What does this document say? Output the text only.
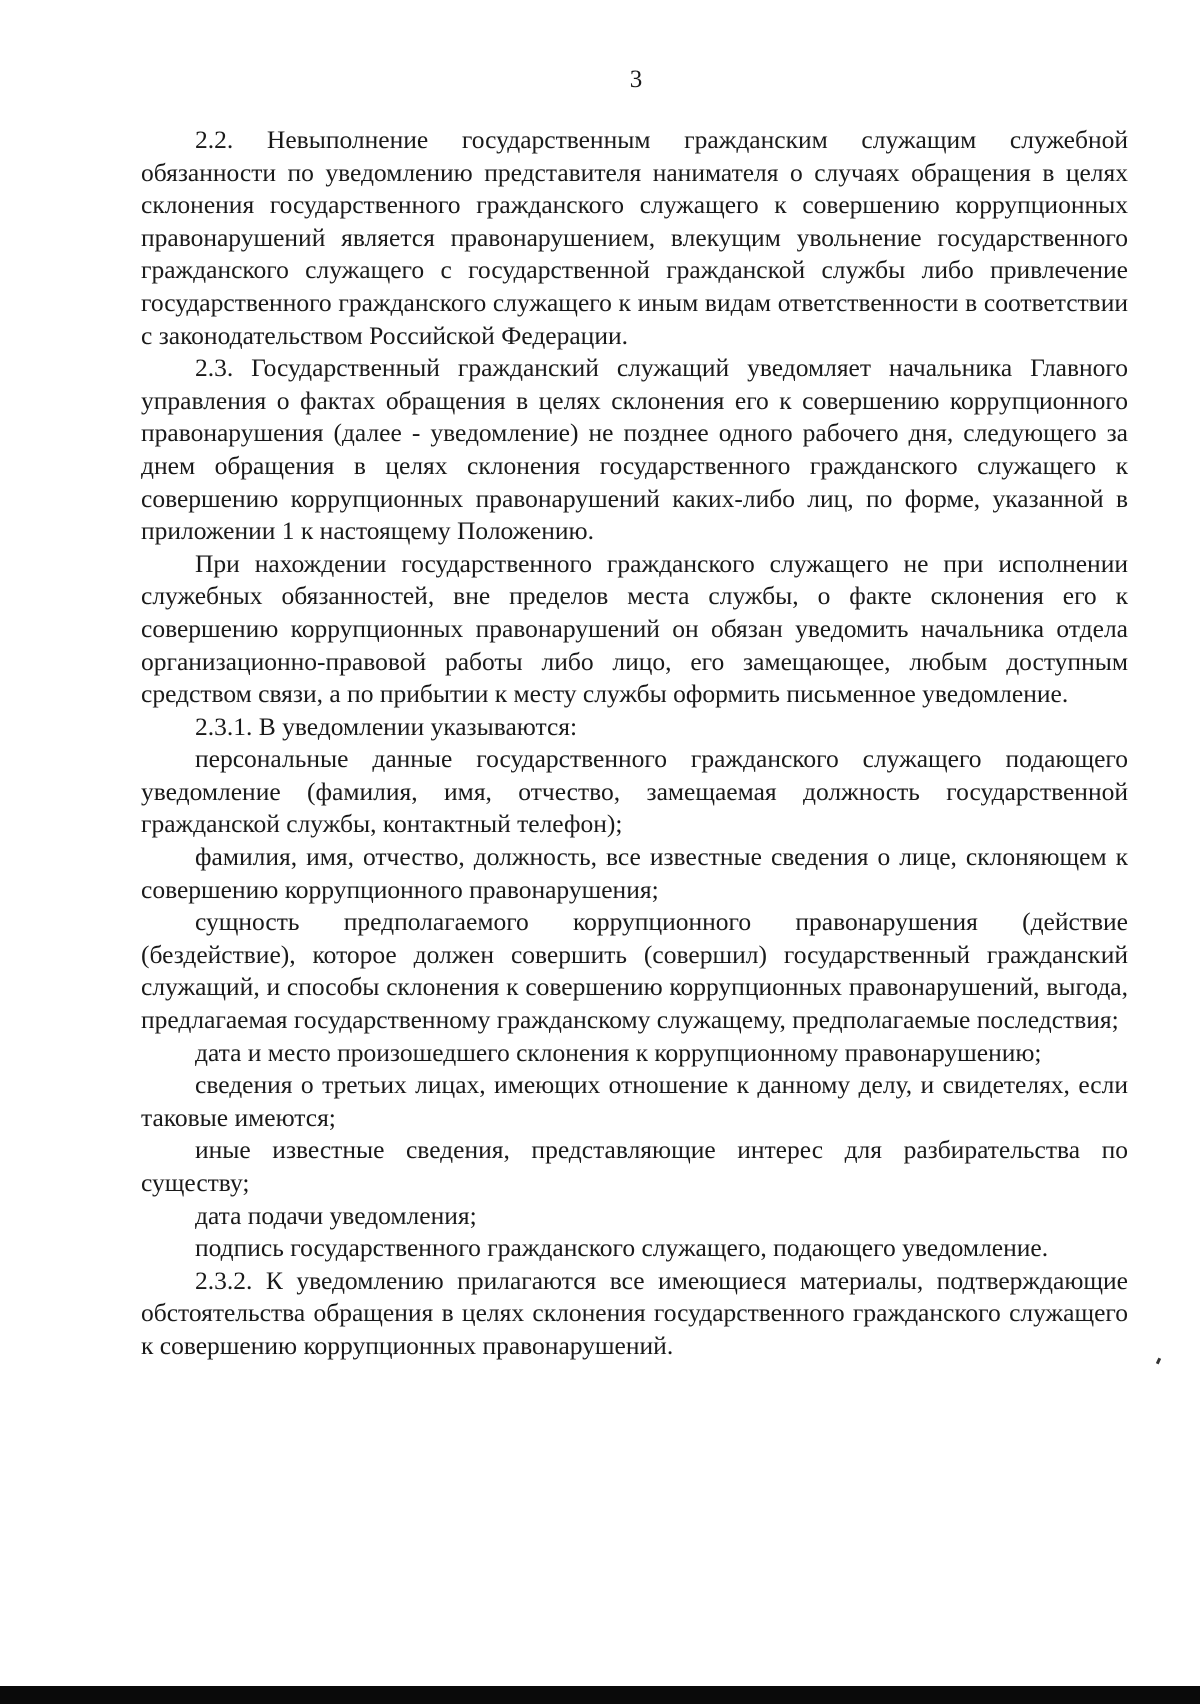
3

2.2. Невыполнение государственным гражданским служащим служебной обязанности по уведомлению представителя нанимателя о случаях обращения в целях склонения государственного гражданского служащего к совершению коррупционных правонарушений является правонарушением, влекущим увольнение государственного гражданского служащего с государственной гражданской службы либо привлечение государственного гражданского служащего к иным видам ответственности в соответствии с законодательством Российской Федерации.

2.3. Государственный гражданский служащий уведомляет начальника Главного управления о фактах обращения в целях склонения его к совершению коррупционного правонарушения (далее - уведомление) не позднее одного рабочего дня, следующего за днем обращения в целях склонения государственного гражданского служащего к совершению коррупционных правонарушений каких-либо лиц, по форме, указанной в приложении 1 к настоящему Положению.

При нахождении государственного гражданского служащего не при исполнении служебных обязанностей, вне пределов места службы, о факте склонения его к совершению коррупционных правонарушений он обязан уведомить начальника отдела организационно-правовой работы либо лицо, его замещающее, любым доступным средством связи, а по прибытии к месту службы оформить письменное уведомление.

2.3.1. В уведомлении указываются:

персональные данные государственного гражданского служащего подающего уведомление (фамилия, имя, отчество, замещаемая должность государственной гражданской службы, контактный телефон);

фамилия, имя, отчество, должность, все известные сведения о лице, склоняющем к совершению коррупционного правонарушения;

сущность предполагаемого коррупционного правонарушения (действие (бездействие), которое должен совершить (совершил) государственный гражданский служащий, и способы склонения к совершению коррупционных правонарушений, выгода, предлагаемая государственному гражданскому служащему, предполагаемые последствия;

дата и место произошедшего склонения к коррупционному правонарушению;

сведения о третьих лицах, имеющих отношение к данному делу, и свидетелях, если таковые имеются;

иные известные сведения, представляющие интерес для разбирательства по существу;

дата подачи уведомления;

подпись государственного гражданского служащего, подающего уведомление.

2.3.2. К уведомлению прилагаются все имеющиеся материалы, подтверждающие обстоятельства обращения в целях склонения государственного гражданского служащего к совершению коррупционных правонарушений.
